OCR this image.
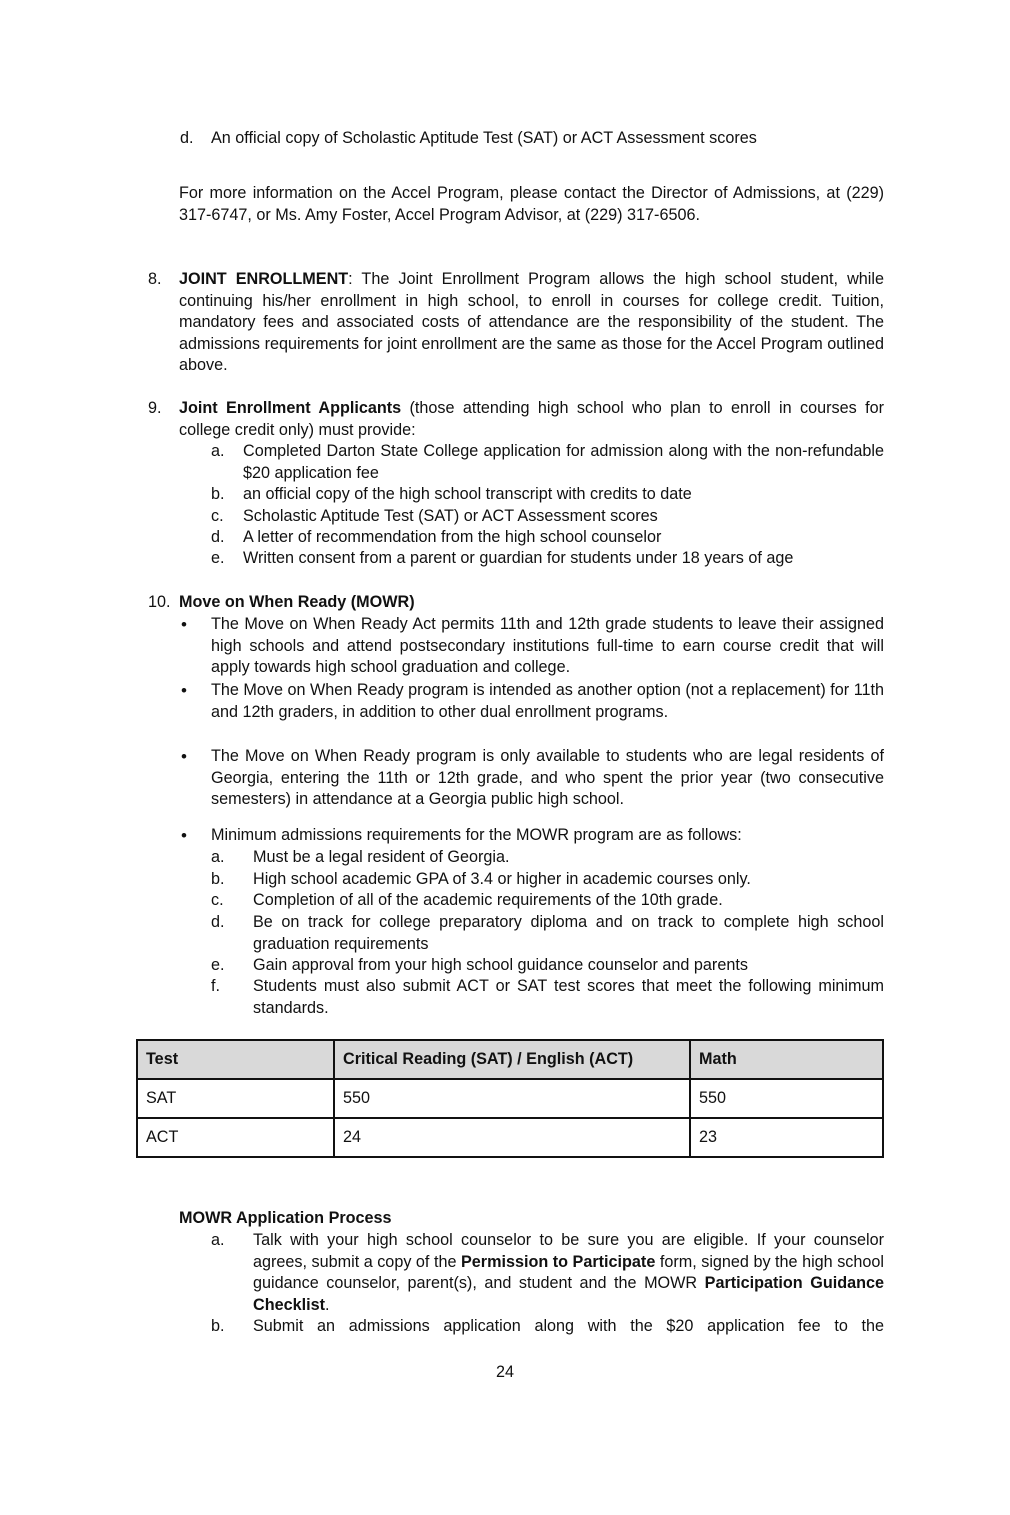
d. An official copy of Scholastic Aptitude Test (SAT) or ACT Assessment scores

For more information on the Accel Program, please contact the Director of Admissions, at (229) 317-6747, or Ms. Amy Foster, Accel Program Advisor, at (229) 317-6506.

8. JOINT ENROLLMENT: The Joint Enrollment Program allows the high school student, while continuing his/her enrollment in high school, to enroll in courses for college credit. Tuition, mandatory fees and associated costs of attendance are the responsibility of the student. The admissions requirements for joint enrollment are the same as those for the Accel Program outlined above.

9. Joint Enrollment Applicants (those attending high school who plan to enroll in courses for college credit only) must provide:

a. Completed Darton State College application for admission along with the non-refundable $20 application fee

b. an official copy of the high school transcript with credits to date
c. Scholastic Aptitude Test (SAT) or ACT Assessment scores
d. A letter of recommendation from the high school counselor
e. Written consent from a parent or guardian for students under 18 years of age
10. Move on When Ready (MOWR)
• The Move on When Ready Act permits 11th and 12th grade students to leave their assigned high schools and attend postsecondary institutions full-time to earn course credit that will apply towards high school graduation and college.

• The Move on When Ready program is intended as another option (not a replacement) for 11th and 12th graders, in addition to other dual enrollment programs.

• The Move on When Ready program is only available to students who are legal residents of Georgia, entering the 11th or 12th grade, and who spent the prior year (two consecutive semesters) in attendance at a Georgia public high school.

• Minimum admissions requirements for the MOWR program are as follows:
a. Must be a legal resident of Georgia.
b. High school academic GPA of 3.4 or higher in academic courses only.
c. Completion of all of the academic requirements of the 10th grade.
d. Be on track for college preparatory diploma and on track to complete high school graduation requirements

e. Gain approval from your high school guidance counselor and parents
f. Students must also submit ACT or SAT test scores that meet the following minimum standards.

Test	Critical Reading (SAT) / English (ACT)	Math
SAT	550	550
ACT	24	23
MOWR Application Process
a. Talk with your high school counselor to be sure you are eligible. If your counselor agrees, submit a copy of the Permission to Participate form, signed by the high school guidance counselor, parent(s), and student and the MOWR Participation Guidance Checklist.

b. Submit an admissions application along with the $20 application fee to the
24
